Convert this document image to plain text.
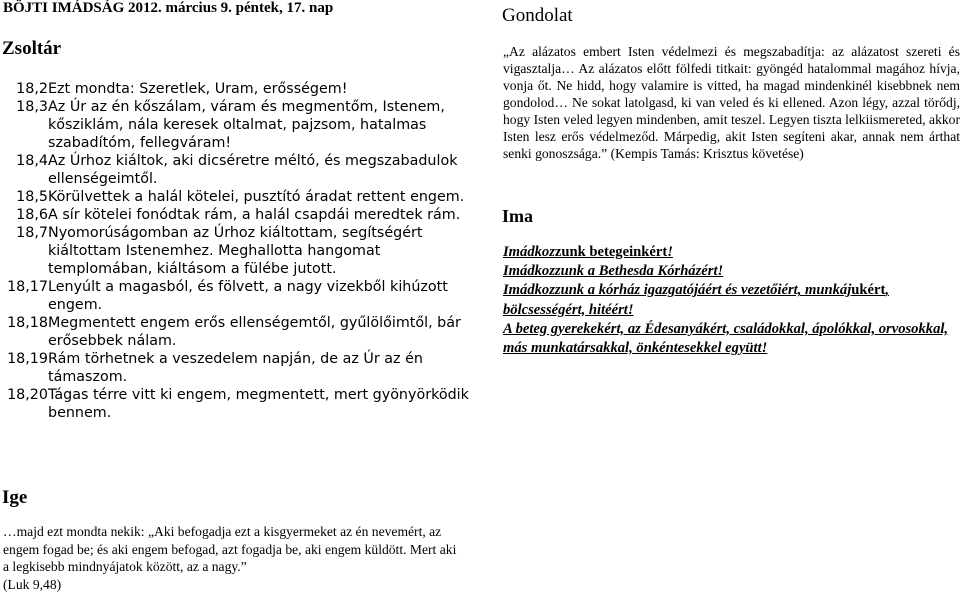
BÖJTI IMÁDSÁG 2012. március 9. péntek, 17. nap
Zsoltár
18,2 Ezt mondta: Szeretlek, Uram, erősségem!
18,3 Az Úr az én kőszálam, váram és megmentőm, Istenem, kősziklám, nála keresek oltalmat, pajzsom, hatalmas szabadítóm, fellegváram!
18,4 Az Úrhoz kiáltok, aki dicséretre méltó, és megszabadulok ellenségeimtől.
18,5 Körülvettek a halál kötelei, pusztító áradat rettent engem.
18,6 A sír kötelei fonódtak rám, a halál csapdái meredtek rám.
18,7 Nyomorúságomban az Úrhoz kiáltottam, segítségért kiáltottam Istenemhez. Meghallotta hangomat templomában, kiáltásom a fülébe jutott.
18,17 Lenyúlt a magasból, és fölvett, a nagy vizekből kihúzott engem.
18,18 Megmentett engem erős ellenségemtől, gyűlölőimtől, bár erősebbek nálam.
18,19 Rám törhetnek a veszedelem napján, de az Úr az én támaszom.
18,20 Tágas térre vitt ki engem, megmentett, mert gyönyörködik bennem.
Ige

…majd ezt mondta nekik: „Aki befogadja ezt a kisgyermeket az én nevemért, az engem fogad be; és aki engem befogad, azt fogadja be, aki engem küldött. Mert aki a legkisebb mindnyájatok között, az a nagy.”
(Luk 9,48)

Gondolat
„Az alázatos embert Isten védelmezi és megszabadítja: az alázatost szereti és vigasztalja… Az alázatos előtt fölfedi titkait: gyöngéd hatalommal magához hívja, vonja őt. Ne hidd, hogy valamire is vitted, ha magad mindenkinél kisebbnek nem gondolod… Ne sokat latolgasd, ki van veled és ki ellened. Azon légy, azzal törődj, hogy Isten veled legyen mindenben, amit teszel. Legyen tiszta lelkiismereted, akkor Isten lesz erős védelmeződ. Márpedig, akit Isten segíteni akar, annak nem árthat senki gonoszsága.” (Kempis Tamás: Krisztus követése)
Ima

Imádkozzunk betegeinkért!

Imádkozzunk a Bethesda Kórházért!

Imádkozzunk a kórház igazgatójáért és vezetőiért, munkájukért, bölcsességért, hitéért!

A beteg gyerekekért, az Édesanyákért, családokkal, ápolókkal, orvosokkal, más munkatársakkal, önkéntesekkel együtt!
